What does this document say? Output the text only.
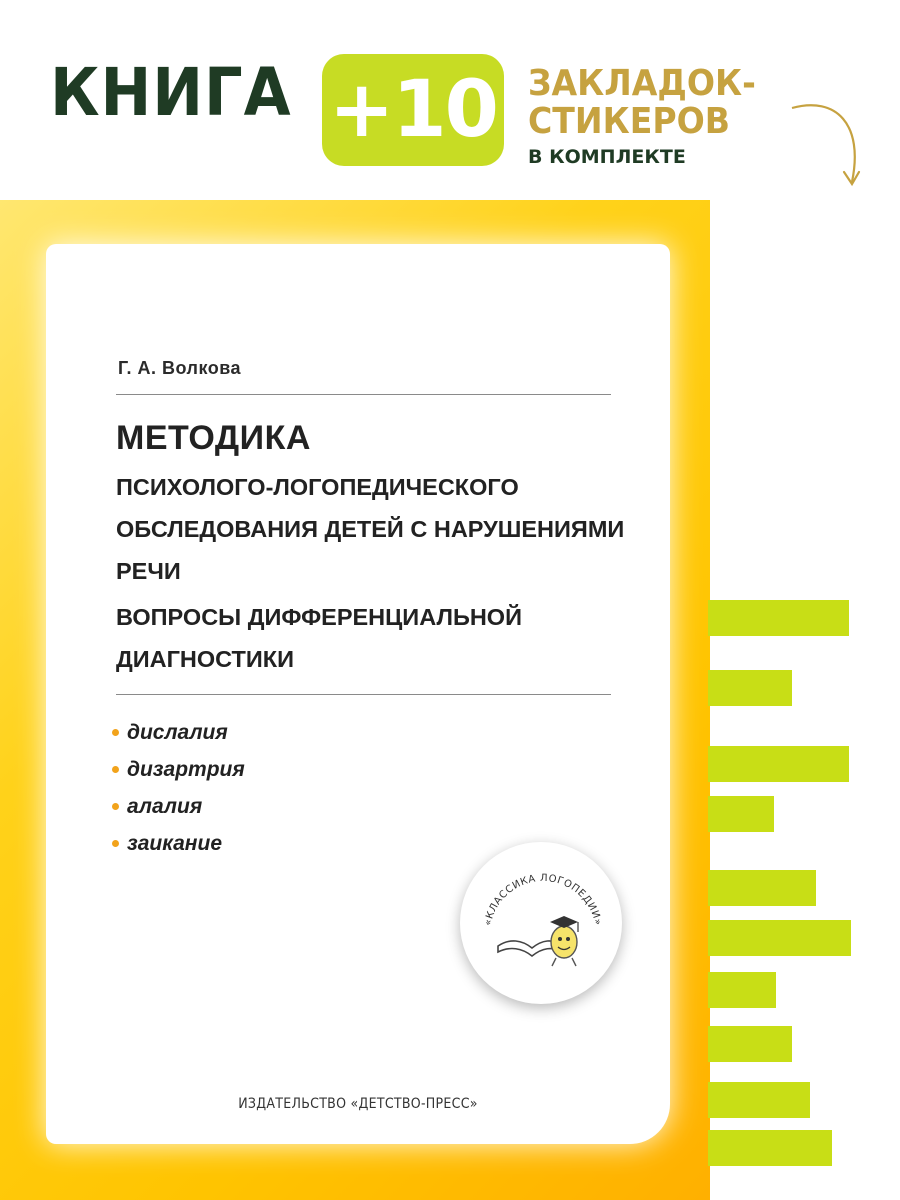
КНИГА +10 ЗАКЛАДОК-
СТИКЕРОВ
В КОМПЛЕКТЕ
Г. А. Волкова
МЕТОДИКА
ПСИХОЛОГО-ЛОГОПЕДИЧЕСКОГО ОБСЛЕДОВАНИЯ ДЕТЕЙ С НАРУШЕНИЯМИ РЕЧИ
ВОПРОСЫ ДИФФЕРЕНЦИАЛЬНОЙ ДИАГНОСТИКИ
дислалия
дизартрия
алалия
заикание
«КЛАССИКА ЛОГОПЕДИИ»
ИЗДАТЕЛЬСТВО «ДЕТСТВО-ПРЕСС»
